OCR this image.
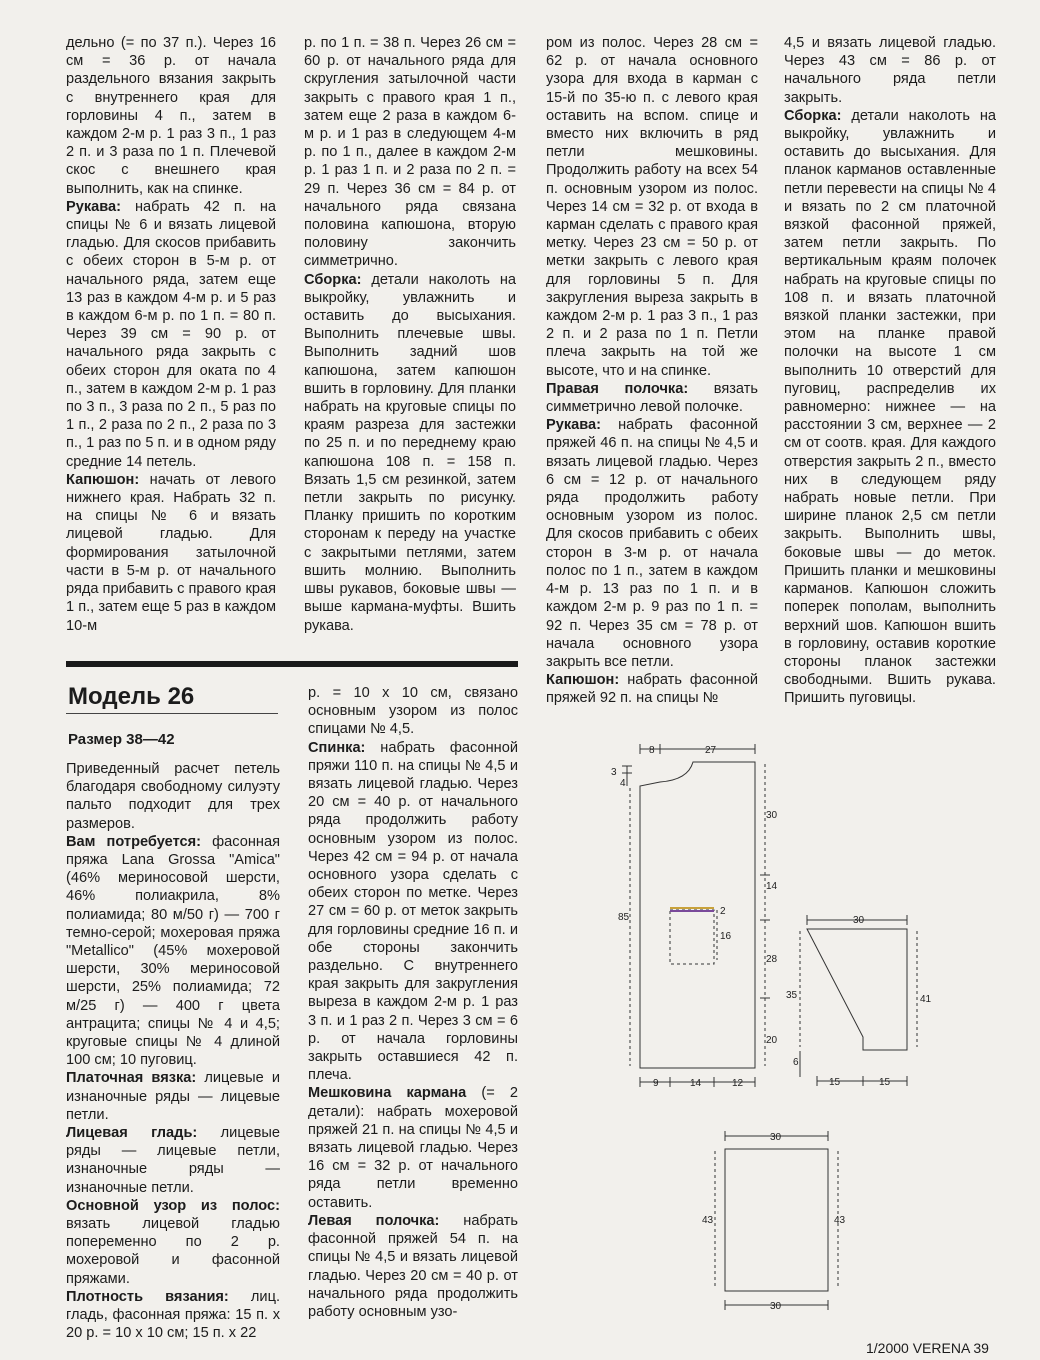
дельно (= по 37 п.). Через 16 см = 36 р. от начала раздельного вязания закрыть с внутреннего края для горловины 4 п., затем в каждом 2-м р. 1 раз 3 п., 1 раз 2 п. и 3 раза по 1 п. Плечевой скос с внешнего края выполнить, как на спинке.

Рукава: набрать 42 п. на спицы № 6 и вязать лицевой гладью. Для скосов прибавить с обеих сторон в 5-м р. от начального ряда, затем еще 13 раз в каждом 4-м р. и 5 раз в каждом 6-м р. по 1 п. = 80 п. Через 39 см = 90 р. от начального ряда закрыть с обеих сторон для оката по 4 п., затем в каждом 2-м р. 1 раз по 3 п., 3 раза по 2 п., 5 раз по 1 п., 2 раза по 2 п., 2 раза по 3 п., 1 раз по 5 п. и в одном ряду средние 14 петель.

Капюшон: начать от левого нижнего края. Набрать 32 п. на спицы № 6 и вязать лицевой гладью. Для формирования затылочной части в 5-м р. от начального ряда прибавить с правого края 1 п., затем еще 5 раз в каждом 10-м

р. по 1 п. = 38 п. Через 26 см = 60 р. от начального ряда для скругления затылочной части закрыть с правого края 1 п., затем еще 2 раза в каждом 6-м р. и 1 раз в следующем 4-м р. по 1 п., далее в каждом 2-м р. 1 раз 1 п. и 2 раза по 2 п. = 29 п. Через 36 см = 84 р. от начального ряда связана половина капюшона, вторую половину закончить симметрично.

Сборка: детали наколоть на выкройку, увлажнить и оставить до высыхания. Выполнить плечевые швы. Выполнить задний шов капюшона, затем капюшон вшить в горловину. Для планки набрать на круговые спицы по краям разреза для застежки по 25 п. и по переднему краю капюшона 108 п. = 158 п. Вязать 1,5 см резинкой, затем петли закрыть по рисунку. Планку пришить по коротким сторонам к переду на участке с закрытыми петлями, затем вшить молнию. Выполнить швы рукавов, боковые швы — выше кармана-муфты. Вшить рукава.

ром из полос. Через 28 см = 62 р. от начала основного узора для входа в карман с 15-й по 35-ю п. с левого края оставить на вспом. спице и вместо них включить в ряд петли мешковины. Продолжить работу на всех 54 п. основным узором из полос. Через 14 см = 32 р. от входа в карман сделать с правого края метку. Через 23 см = 50 р. от метки закрыть с левого края для горловины 5 п. Для закругления выреза закрыть в каждом 2-м р. 1 раз 3 п., 1 раз 2 п. и 2 раза по 1 п. Петли плеча закрыть на той же высоте, что и на спинке.

Правая полочка: вязать симметрично левой полочке.

Рукава: набрать фасонной пряжей 46 п. на спицы № 4,5 и вязать лицевой гладью. Через 6 см = 12 р. от начального ряда продолжить работу основным узором из полос. Для скосов прибавить с обеих сторон в 3-м р. от начала полос по 1 п., затем в каждом 4-м р. 13 раз по 1 п. и в каждом 2-м р. 9 раз по 1 п. = 92 п. Через 35 см = 78 р. от начала основного узора закрыть все петли.

Капюшон: набрать фасонной пряжей 92 п. на спицы №

4,5 и вязать лицевой гладью. Через 43 см = 86 р. от начального ряда петли закрыть.

Сборка: детали наколоть на выкройку, увлажнить и оставить до высыхания. Для планок карманов оставленные петли перевести на спицы № 4 и вязать по 2 см платочной вязкой фасонной пряжей, затем петли закрыть. По вертикальным краям полочек набрать на круговые спицы по 108 п. и вязать платочной вязкой планки застежки, при этом на планке правой полочки на высоте 1 см выполнить 10 отверстий для пуговиц, распределив их равномерно: нижнее — на расстоянии 3 см, верхнее — 2 см от соотв. края. Для каждого отверстия закрыть 2 п., вместо них в следующем ряду набрать новые петли. При ширине планок 2,5 см петли закрыть. Выполнить швы, боковые швы — до меток. Пришить планки и мешковины карманов. Капюшон сложить поперек пополам, выполнить верхний шов. Капюшон вшить в горловину, оставив короткие стороны планок застежки свободными. Вшить рукава. Пришить пуговицы.

Модель 26
Размер 38—42

Приведенный расчет петель благодаря свободному силуэту пальто подходит для трех размеров.

Вам потребуется: фасонная пряжа Lana Grossa "Amica" (46% мериносовой шерсти, 46% полиакрила, 8% полиамида; 80 м/50 г) — 700 г темно-серой; мохеровая пряжа "Metallico" (45% мохеровой шерсти, 30% мериносовой шерсти, 25% полиамида; 72 м/25 г) — 400 г цвета антрацита; спицы № 4 и 4,5; круговые спицы № 4 длиной 100 см; 10 пуговиц.

Платочная вязка: лицевые и изнаночные ряды — лицевые петли.

Лицевая гладь: лицевые ряды — лицевые петли, изнаночные ряды — изнаночные петли.

Основной узор из полос: вязать лицевой гладью попеременно по 2 р. мохеровой и фасонной пряжами.

Плотность вязания: лиц. гладь, фасонная пряжа: 15 п. х 20 р. = 10 х 10 см; 15 п. х 22

р. = 10 х 10 см, связано основным узором из полос спицами № 4,5.

Спинка: набрать фасонной пряжи 110 п. на спицы № 4,5 и вязать лицевой гладью. Через 20 см = 40 р. от начального ряда продолжить работу основным узором из полос. Через 42 см = 94 р. от начала основного узора сделать с обеих сторон по метке. Через 27 см = 60 р. от меток закрыть для горловины средние 16 п. и обе стороны закончить раздельно. С внутреннего края закрыть для закругления выреза в каждом 2-м р. 1 раз 3 п. и 1 раз 2 п. Через 3 см = 6 р. от начала горловины закрыть оставшиеся 42 п. плеча.

Мешковина кармана (= 2 детали): набрать мохеровой пряжей 21 п. на спицы № 4,5 и вязать лицевой гладью. Через 16 см = 32 р. от начального ряда петли временно оставить.

Левая полочка: набрать фасонной пряжей 54 п. на спицы № 4,5 и вязать лицевой гладью. Через 20 см = 40 р. от начального ряда продолжить работу основным узо-

8	27
3
4
85
30
14
28
20
2
16
9	14	12
30
35	41
6
15	15
30
43	43
30
1/2000 VERENA 39
